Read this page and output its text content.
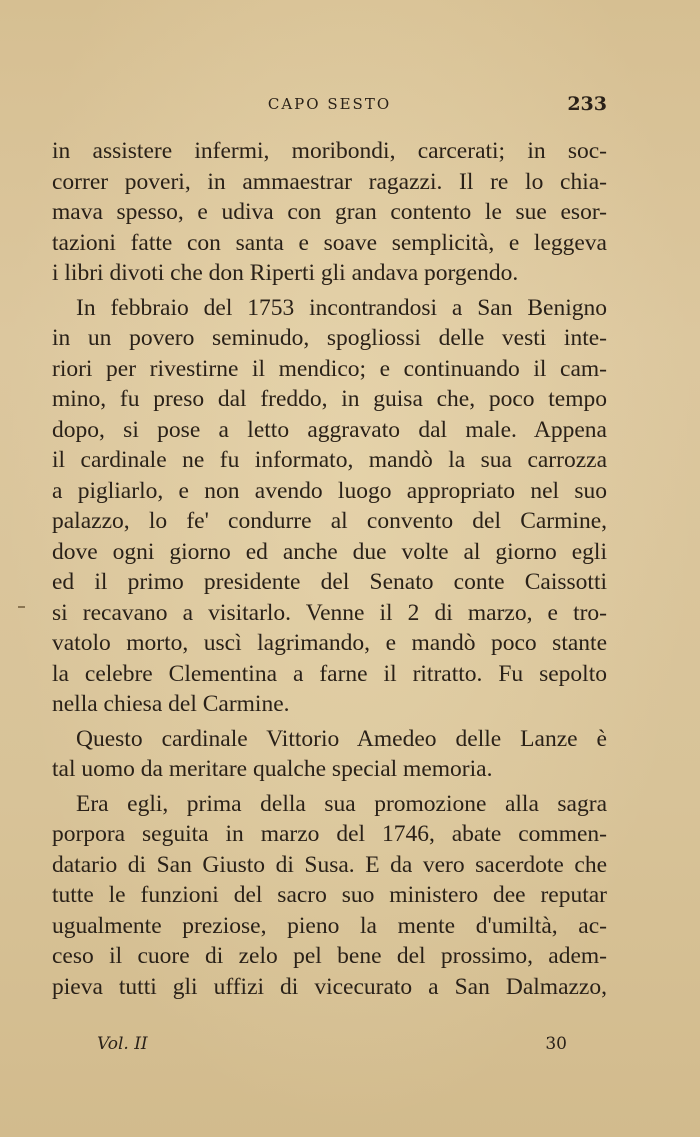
CAPO SESTO	233
in assistere infermi, moribondi, carcerati; in soc-
correr poveri, in ammaestrar ragazzi. Il re lo chia-
mava spesso, e udiva con gran contento le sue esor-
tazioni fatte con santa e soave semplicità, e leggeva
i libri divoti che don Riperti gli andava porgendo.
In febbraio del 1753 incontrandosi a San Benigno
in un povero seminudo, spogliossi delle vesti inte-
riori per rivestirne il mendico; e continuando il cam-
mino, fu preso dal freddo, in guisa che, poco tempo
dopo, si pose a letto aggravato dal male. Appena
il cardinale ne fu informato, mandò la sua carrozza
a pigliarlo, e non avendo luogo appropriato nel suo
palazzo, lo fe' condurre al convento del Carmine,
dove ogni giorno ed anche due volte al giorno egli
ed il primo presidente del Senato conte Caissotti
si recavano a visitarlo. Venne il 2 di marzo, e tro-
vatolo morto, uscì lagrimando, e mandò poco stante
la celebre Clementina a farne il ritratto. Fu sepolto
nella chiesa del Carmine.
Questo cardinale Vittorio Amedeo delle Lanze è
tal uomo da meritare qualche special memoria.
Era egli, prima della sua promozione alla sagra
porpora seguita in marzo del 1746, abate commen-
datario di San Giusto di Susa. E da vero sacerdote che
tutte le funzioni del sacro suo ministero dee reputar
ugualmente preziose, pieno la mente d'umiltà, ac-
ceso il cuore di zelo pel bene del prossimo, adem-
pieva tutti gli uffizi di vicecurato a San Dalmazzo,
Vol. II	30
